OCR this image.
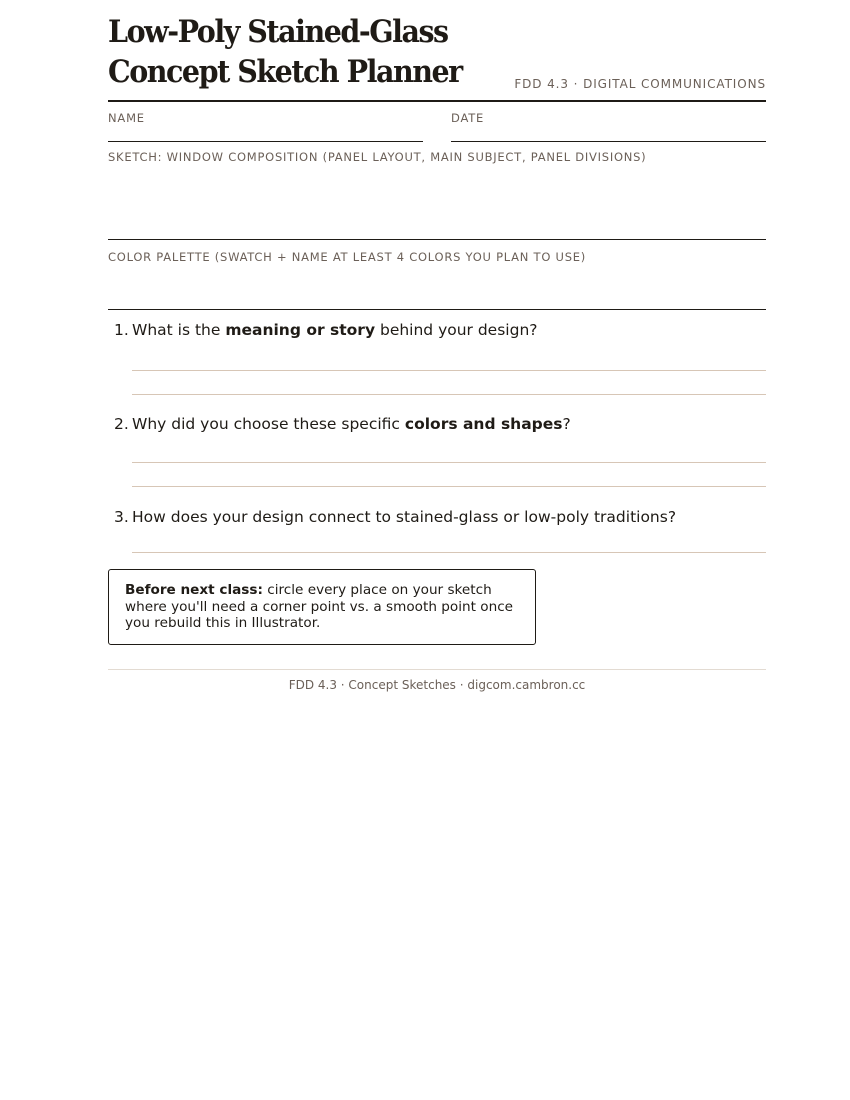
Low-Poly Stained-Glass
Concept Sketch Planner	FDD 4.3 · DIGITAL COMMUNICATIONS
NAME	DATE
SKETCH: WINDOW COMPOSITION (PANEL LAYOUT, MAIN SUBJECT, PANEL DIVISIONS)
COLOR PALETTE (SWATCH + NAME AT LEAST 4 COLORS YOU PLAN TO USE)
1. What is the meaning or story behind your design?
2. Why did you choose these specific colors and shapes?
3. How does your design connect to stained-glass or low-poly traditions?
Before next class: circle every place on your sketch where you'll need a corner point vs. a smooth point once you rebuild this in Illustrator.
FDD 4.3 · Concept Sketches · digcom.cambron.cc
